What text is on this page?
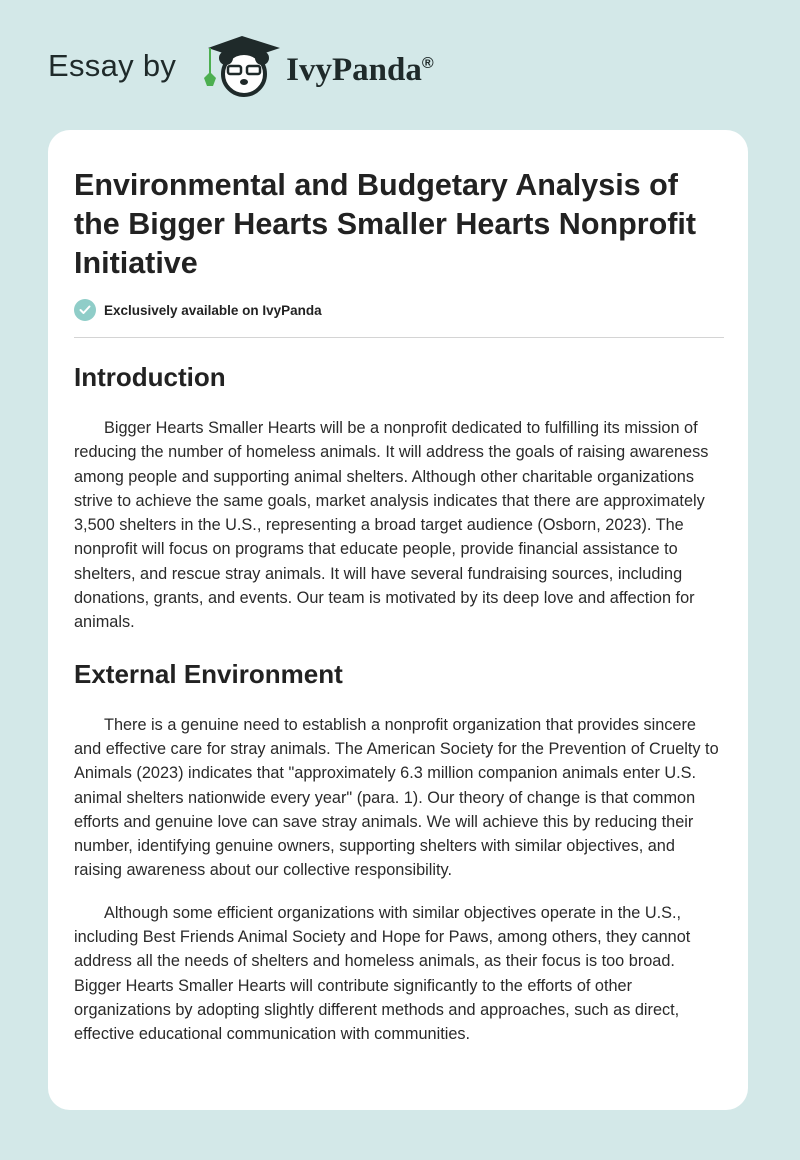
Essay by	IvyPanda®
Environmental and Budgetary Analysis of the Bigger Hearts Smaller Hearts Nonprofit Initiative
Exclusively available on IvyPanda
Introduction

Bigger Hearts Smaller Hearts will be a nonprofit dedicated to fulfilling its mission of reducing the number of homeless animals. It will address the goals of raising awareness among people and supporting animal shelters. Although other charitable organizations strive to achieve the same goals, market analysis indicates that there are approximately 3,500 shelters in the U.S., representing a broad target audience (Osborn, 2023). The nonprofit will focus on programs that educate people, provide financial assistance to shelters, and rescue stray animals. It will have several fundraising sources, including donations, grants, and events. Our team is motivated by its deep love and affection for animals.

External Environment

There is a genuine need to establish a nonprofit organization that provides sincere and effective care for stray animals. The American Society for the Prevention of Cruelty to Animals (2023) indicates that "approximately 6.3 million companion animals enter U.S. animal shelters nationwide every year" (para. 1). Our theory of change is that common efforts and genuine love can save stray animals. We will achieve this by reducing their number, identifying genuine owners, supporting shelters with similar objectives, and raising awareness about our collective responsibility.

Although some efficient organizations with similar objectives operate in the U.S., including Best Friends Animal Society and Hope for Paws, among others, they cannot address all the needs of shelters and homeless animals, as their focus is too broad. Bigger Hearts Smaller Hearts will contribute significantly to the efforts of other organizations by adopting slightly different methods and approaches, such as direct, effective educational communication with communities.
